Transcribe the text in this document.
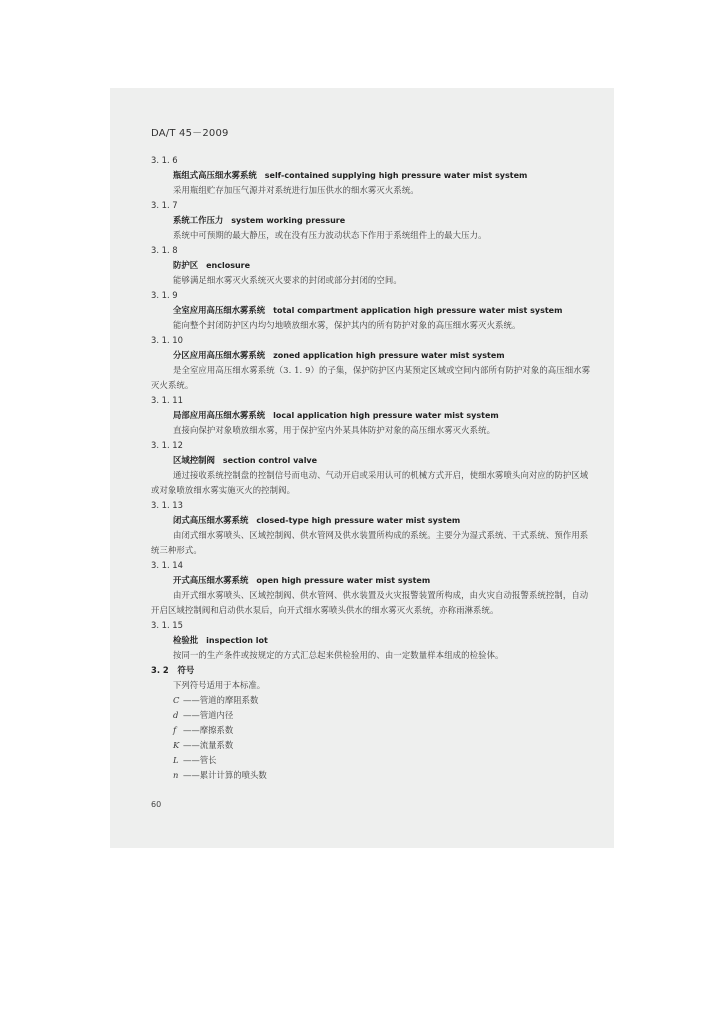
DA/T 45－2009
3. 1. 6
瓶组式高压细水雾系统 self-contained supplying high pressure water mist system
采用瓶组贮存加压气源并对系统进行加压供水的细水雾灭火系统。
3. 1. 7
系统工作压力 system working pressure
系统中可预期的最大静压，或在没有压力波动状态下作用于系统组件上的最大压力。
3. 1. 8
防护区 enclosure
能够满足细水雾灭火系统灭火要求的封闭或部分封闭的空间。
3. 1. 9
全室应用高压细水雾系统 total compartment application high pressure water mist system
能向整个封闭防护区内均匀地喷放细水雾，保护其内的所有防护对象的高压细水雾灭火系统。
3. 1. 10
分区应用高压细水雾系统 zoned application high pressure water mist system
是全室应用高压细水雾系统（3. 1. 9）的子集，保护防护区内某预定区域或空间内部所有防护对象的高压细水雾灭火系统。
3. 1. 11
局部应用高压细水雾系统 local application high pressure water mist system
直接向保护对象喷放细水雾，用于保护室内外某具体防护对象的高压细水雾灭火系统。
3. 1. 12
区域控制阀 section control valve
通过接收系统控制盘的控制信号而电动、气动开启或采用认可的机械方式开启，使细水雾喷头向对应的防护区域或对象喷放细水雾实施灭火的控制阀。
3. 1. 13
闭式高压细水雾系统 closed-type high pressure water mist system
由闭式细水雾喷头、区域控制阀、供水管网及供水装置所构成的系统。主要分为湿式系统、干式系统、预作用系统三种形式。
3. 1. 14
开式高压细水雾系统 open high pressure water mist system
由开式细水雾喷头、区域控制阀、供水管网、供水装置及火灾报警装置所构成，由火灾自动报警系统控制，自动开启区域控制阀和启动供水泵后，向开式细水雾喷头供水的细水雾灭火系统，亦称雨淋系统。
3. 1. 15
检验批 inspection lot
按同一的生产条件或按规定的方式汇总起来供检验用的、由一定数量样本组成的检验体。
3. 2 符号
下列符号适用于本标准。
C ——管道的摩阻系数
d ——管道内径
f ——摩擦系数
K ——流量系数
L ——管长
n ——累计计算的喷头数
60
